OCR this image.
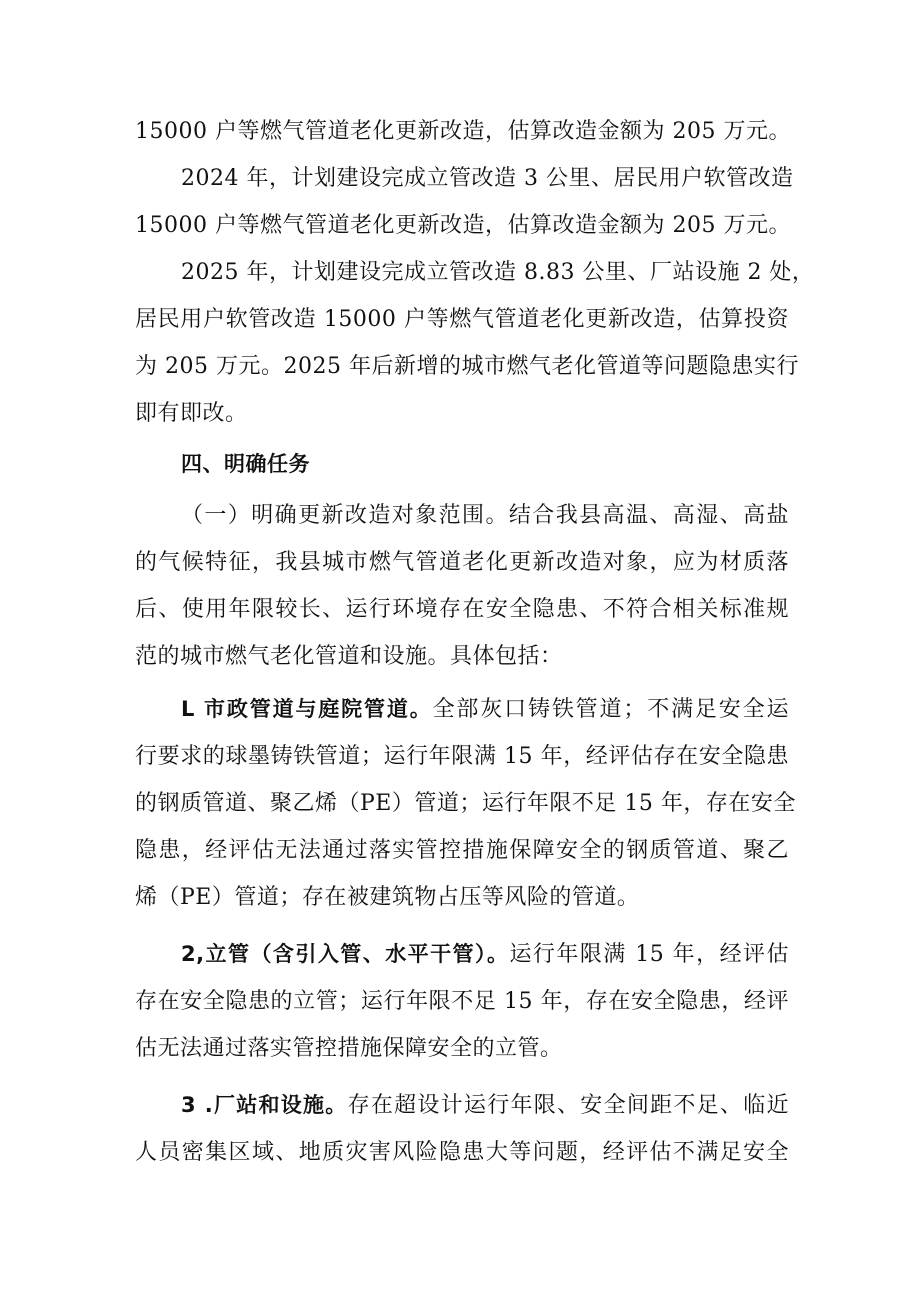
15000 户等燃气管道老化更新改造，估算改造金额为 205 万元。
2024 年，计划建设完成立管改造 3 公里、居民用户软管改造
15000 户等燃气管道老化更新改造，估算改造金额为 205 万元。
2025 年，计划建设完成立管改造 8.83 公里、厂站设施 2 处，
居民用户软管改造 15000 户等燃气管道老化更新改造，估算投资
为 205 万元。2025 年后新增的城市燃气老化管道等问题隐患实行
即有即改。
四、明确任务
（一）明确更新改造对象范围。结合我县高温、高湿、高盐
的气候特征，我县城市燃气管道老化更新改造对象，应为材质落
后、使用年限较长、运行环境存在安全隐患、不符合相关标准规
范的城市燃气老化管道和设施。具体包括：
L 市政管道与庭院管道。全部灰口铸铁管道；不满足安全运
行要求的球墨铸铁管道；运行年限满 15 年，经评估存在安全隐患
的钢质管道、聚乙烯（PE）管道；运行年限不足 15 年，存在安全
隐患，经评估无法通过落实管控措施保障安全的钢质管道、聚乙
烯（PE）管道；存在被建筑物占压等风险的管道。
2,立管（含引入管、水平干管）。运行年限满 15 年，经评估
存在安全隐患的立管；运行年限不足 15 年，存在安全隐患，经评
估无法通过落实管控措施保障安全的立管。
3 .厂站和设施。存在超设计运行年限、安全间距不足、临近
人员密集区域、地质灾害风险隐患大等问题，经评估不满足安全
